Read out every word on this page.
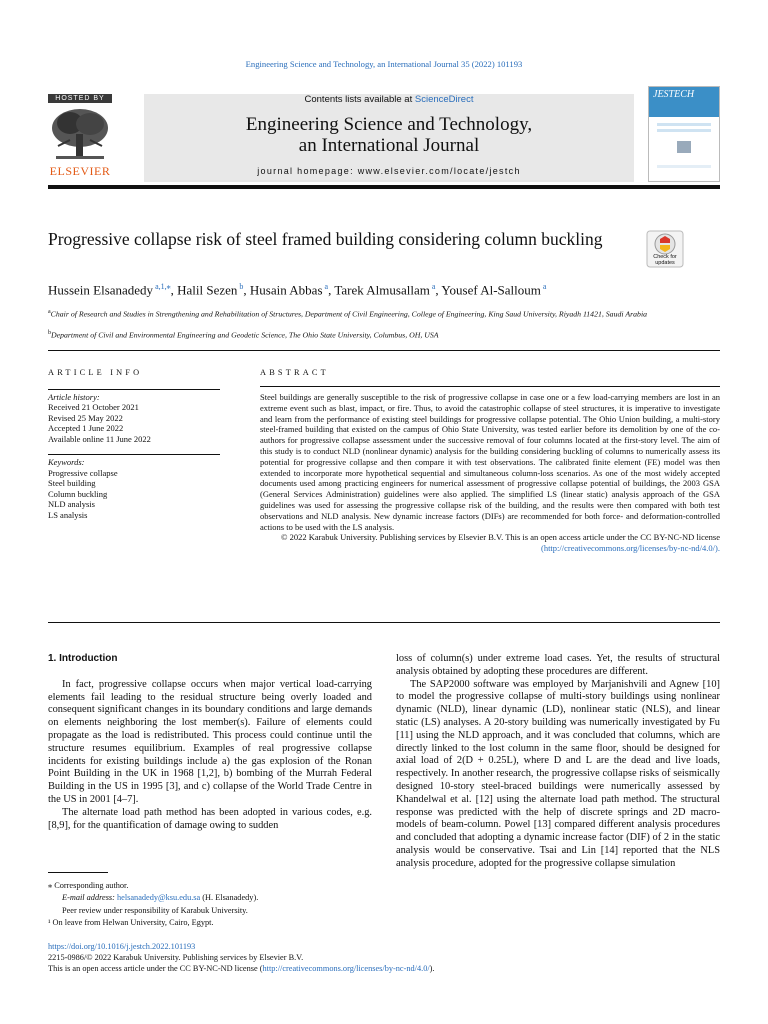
Engineering Science and Technology, an International Journal 35 (2022) 101193
HOSTED BY
ELSEVIER
Contents lists available at ScienceDirect
Engineering Science and Technology,
an International Journal
journal homepage: www.elsevier.com/locate/jestch
JESTECH
Progressive collapse risk of steel framed building considering column buckling
Check for updates
Hussein Elsanadedy $^{a,1,⁎}$, Halil Sezen $^b$, Husain Abbas $^a$, Tarek Almusallam $^a$, Yousef Al-Salloum $^a$
$^a$Chair of Research and Studies in Strengthening and Rehabilitation of Structures, Department of Civil Engineering, College of Engineering, King Saud University, Riyadh 11421, Saudi Arabia
$^b$Department of Civil and Environmental Engineering and Geodetic Science, The Ohio State University, Columbus, OH, USA
ARTICLE INFO
Article history:
Received 21 October 2021
Revised 25 May 2022
Accepted 1 June 2022
Available online 11 June 2022
Keywords:
Progressive collapse
Steel building
Column buckling
NLD analysis
LS analysis
ABSTRACT
Steel buildings are generally susceptible to the risk of progressive collapse in case one or a few load-carrying members are lost in an extreme event such as blast, impact, or fire. Thus, to avoid the catastrophic collapse of steel structures, it is imperative to investigate and learn from the performance of existing steel buildings for progressive collapse potential. The Ohio Union building, a multi-story steel-framed building that existed on the campus of Ohio State University, was tested earlier before its demolition by one of the co-authors for progressive collapse assessment under the successive removal of four columns located at the first-story level. The aim of this study is to conduct NLD (nonlinear dynamic) analysis for the building considering buckling of columns to numerically assess its potential for progressive collapse and then compare it with test observations. The calibrated finite element (FE) model was then extended to incorporate more hypothetical sequential and simultaneous column-loss scenarios. As one of the most widely accepted documents used among practicing engineers for numerical assessment of progressive collapse potential of buildings, the 2003 GSA (General Services Administration) guidelines were also applied. The simplified LS (linear static) analysis approach of the GSA guidelines was used for assessing the progressive collapse risk of the building, and the results were then compared with both test observations and NLD analysis. New dynamic increase factors (DIFs) are recommended for both force- and deformation-controlled actions to be used with the LS analysis.
© 2022 Karabuk University. Publishing services by Elsevier B.V. This is an open access article under the CC BY-NC-ND license (http://creativecommons.org/licenses/by-nc-nd/4.0/).
1. Introduction

In fact, progressive collapse occurs when major vertical load-carrying elements fail leading to the residual structure being overly loaded and consequent significant changes in its boundary conditions and large demands on elements neighboring the lost member(s). Failure of elements could propagate as the load is redistributed. This process could continue until the structure resumes equilibrium. Examples of real progressive collapse incidents for existing buildings include a) the gas explosion of the Ronan Point Building in the UK in 1968 [1,2], b) bombing of the Murrah Federal Building in the US in 1995 [3], and c) collapse of the World Trade Centre in the US in 2001 [4–7].

The alternate load path method has been adopted in various codes, e.g. [8,9], for the quantification of damage owing to sudden

loss of column(s) under extreme load cases. Yet, the results of structural analysis obtained by adopting these procedures are different.

The SAP2000 software was employed by Marjanishvili and Agnew [10] to model the progressive collapse of multi-story buildings using nonlinear dynamic (NLD), linear dynamic (LD), nonlinear static (NLS), and linear static (LS) analyses. A 20-story building was numerically investigated by Fu [11] using the NLD approach, and it was concluded that columns, which are directly linked to the lost column in the same floor, should be designed for axial load of 2(D + 0.25L), where D and L are the dead and live loads, respectively. In another research, the progressive collapse risks of seismically designed 10-story steel-braced buildings were numerically assessed by Khandelwal et al. [12] using the alternate load path method. The structural response was predicted with the help of discrete springs and 2D macro-models of beam-column. Powel [13] compared different analysis procedures and concluded that adopting a dynamic increase factor (DIF) of 2 in the static analysis would be conservative. Tsai and Lin [14] reported that the NLS analysis procedure, adopted for the progressive collapse simulation

⁎ Corresponding author.
E-mail address: helsanadedy@ksu.edu.sa (H. Elsanadedy).
Peer review under responsibility of Karabuk University.
¹ On leave from Helwan University, Cairo, Egypt.
https://doi.org/10.1016/j.jestch.2022.101193
2215-0986/© 2022 Karabuk University. Publishing services by Elsevier B.V.
This is an open access article under the CC BY-NC-ND license (http://creativecommons.org/licenses/by-nc-nd/4.0/).
